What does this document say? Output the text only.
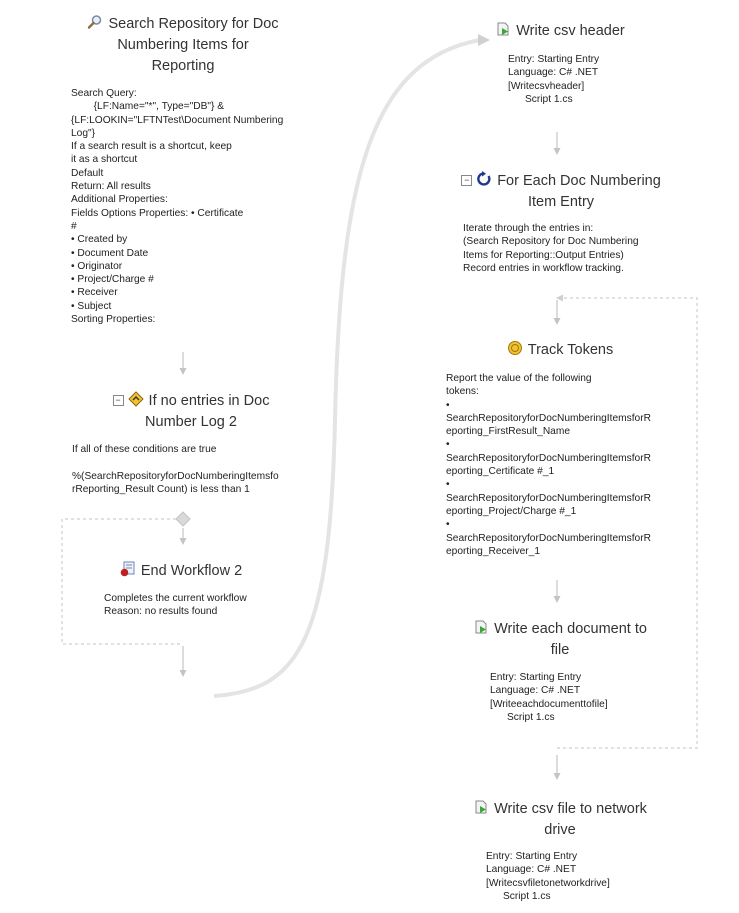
Search Repository for Doc
Numbering Items for
Reporting
Search Query:
{LF:Name="*", Type="DB"} &
{LF:LOOKIN="LFTNTest\Document Numbering
Log"}
If a search result is a shortcut, keep
it as a shortcut
Default
Return: All results
Additional Properties:
Fields Options Properties: • Certificate
#
• Created by
• Document Date
• Originator
• Project/Charge #
• Receiver
• Subject
Sorting Properties:
− If no entries in Doc
Number Log 2
If all of these conditions are true

%(SearchRepositoryforDocNumberingItemsfo
rReporting_Result Count) is less than 1
End Workflow 2
Completes the current workflow
Reason: no results found
Write csv header
Entry: Starting Entry
Language: C# .NET
[Writecsvheader]
Script 1.cs
− For Each Doc Numbering
Item Entry
Iterate through the entries in:
(Search Repository for Doc Numbering
Items for Reporting::Output Entries)
Record entries in workflow tracking.
Track Tokens
Report the value of the following
tokens:
•
SearchRepositoryforDocNumberingItemsforR
eporting_FirstResult_Name
•
SearchRepositoryforDocNumberingItemsforR
eporting_Certificate #_1
•
SearchRepositoryforDocNumberingItemsforR
eporting_Project/Charge #_1
•
SearchRepositoryforDocNumberingItemsforR
eporting_Receiver_1
Write each document to
file
Entry: Starting Entry
Language: C# .NET
[Writeeachdocumenttofile]
Script 1.cs
Write csv file to network
drive
Entry: Starting Entry
Language: C# .NET
[Writecsvfiletonetworkdrive]
Script 1.cs
